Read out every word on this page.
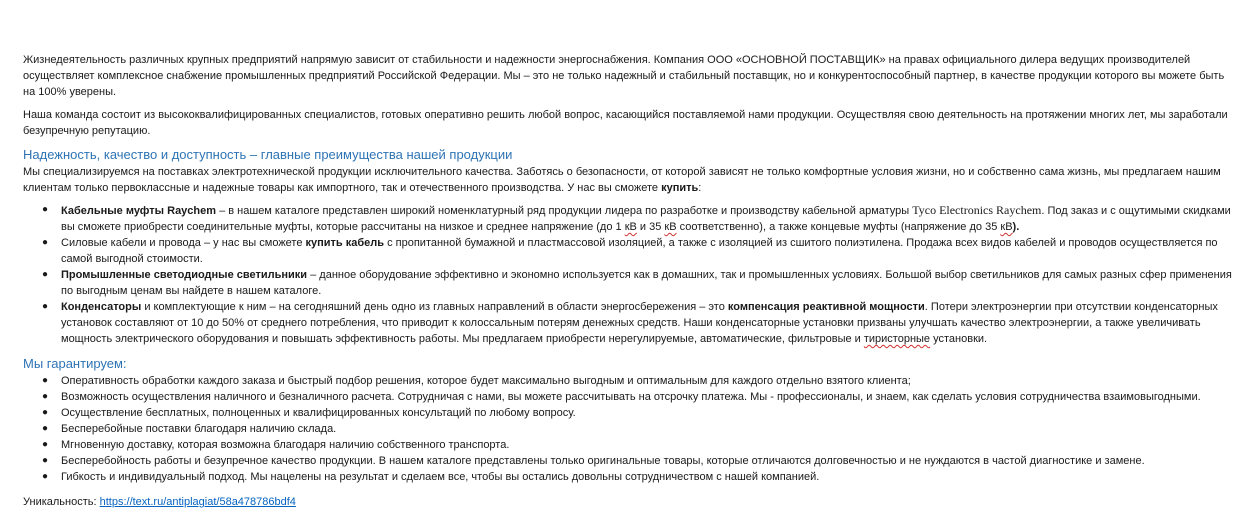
Жизнедеятельность различных крупных предприятий напрямую зависит от стабильности и надежности энергоснабжения. Компания ООО «ОСНОВНОЙ ПОСТАВЩИК» на правах официального дилера ведущих производителей осуществляет комплексное снабжение промышленных предприятий Российской Федерации. Мы – это не только надежный и стабильный поставщик, но и конкурентоспособный партнер, в качестве продукции которого вы можете быть на 100% уверены.

Наша команда состоит из высококвалифицированных специалистов, готовых оперативно решить любой вопрос, касающийся поставляемой нами продукции. Осуществляя свою деятельность на протяжении многих лет, мы заработали безупречную репутацию.

Надежность, качество и доступность – главные преимущества нашей продукции

Мы специализируемся на поставках электротехнической продукции исключительного качества. Заботясь о безопасности, от которой зависят не только комфортные условия жизни, но и собственно сама жизнь, мы предлагаем нашим клиентам только первоклассные и надежные товары как импортного, так и отечественного производства. У нас вы сможете купить:

● Кабельные муфты Raychem – в нашем каталоге представлен широкий номенклатурный ряд продукции лидера по разработке и производству кабельной арматуры Tyco Electronics Raychem. Под заказ и с ощутимыми скидками вы сможете приобрести соединительные муфты, которые рассчитаны на низкое и среднее напряжение (до 1 кВ и 35 кВ соответственно), а также концевые муфты (напряжение до 35 кВ).
● Силовые кабели и провода – у нас вы сможете купить кабель с пропитанной бумажной и пластмассовой изоляцией, а также с изоляцией из сшитого полиэтилена. Продажа всех видов кабелей и проводов осуществляется по самой выгодной стоимости.
● Промышленные светодиодные светильники – данное оборудование эффективно и экономно используется как в домашних, так и промышленных условиях. Большой выбор светильников для самых разных сфер применения по выгодным ценам вы найдете в нашем каталоге.
● Конденсаторы и комплектующие к ним – на сегодняшний день одно из главных направлений в области энергосбережения – это компенсация реактивной мощности. Потери электроэнергии при отсутствии конденсаторных установок составляют от 10 до 50% от среднего потребления, что приводит к колоссальным потерям денежных средств. Наши конденсаторные установки призваны улучшать качество электроэнергии, а также увеличивать мощность электрического оборудования и повышать эффективность работы. Мы предлагаем приобрести нерегулируемые, автоматические, фильтровые и тиристорные установки.
Мы гарантируем:
● Оперативность обработки каждого заказа и быстрый подбор решения, которое будет максимально выгодным и оптимальным для каждого отдельно взятого клиента;
● Возможность осуществления наличного и безналичного расчета. Сотрудничая с нами, вы можете рассчитывать на отсрочку платежа. Мы - профессионалы, и знаем, как сделать условия сотрудничества взаимовыгодными.
● Осуществление бесплатных, полноценных и квалифицированных консультаций по любому вопросу.
● Бесперебойные поставки благодаря наличию склада.
● Мгновенную доставку, которая возможна благодаря наличию собственного транспорта.
● Бесперебойность работы и безупречное качество продукции. В нашем каталоге представлены только оригинальные товары, которые отличаются долговечностью и не нуждаются в частой диагностике и замене.
● Гибкость и индивидуальный подход. Мы нацелены на результат и сделаем все, чтобы вы остались довольны сотрудничеством с нашей компанией.

Уникальность: https://text.ru/antiplagiat/58a478786bdf4
